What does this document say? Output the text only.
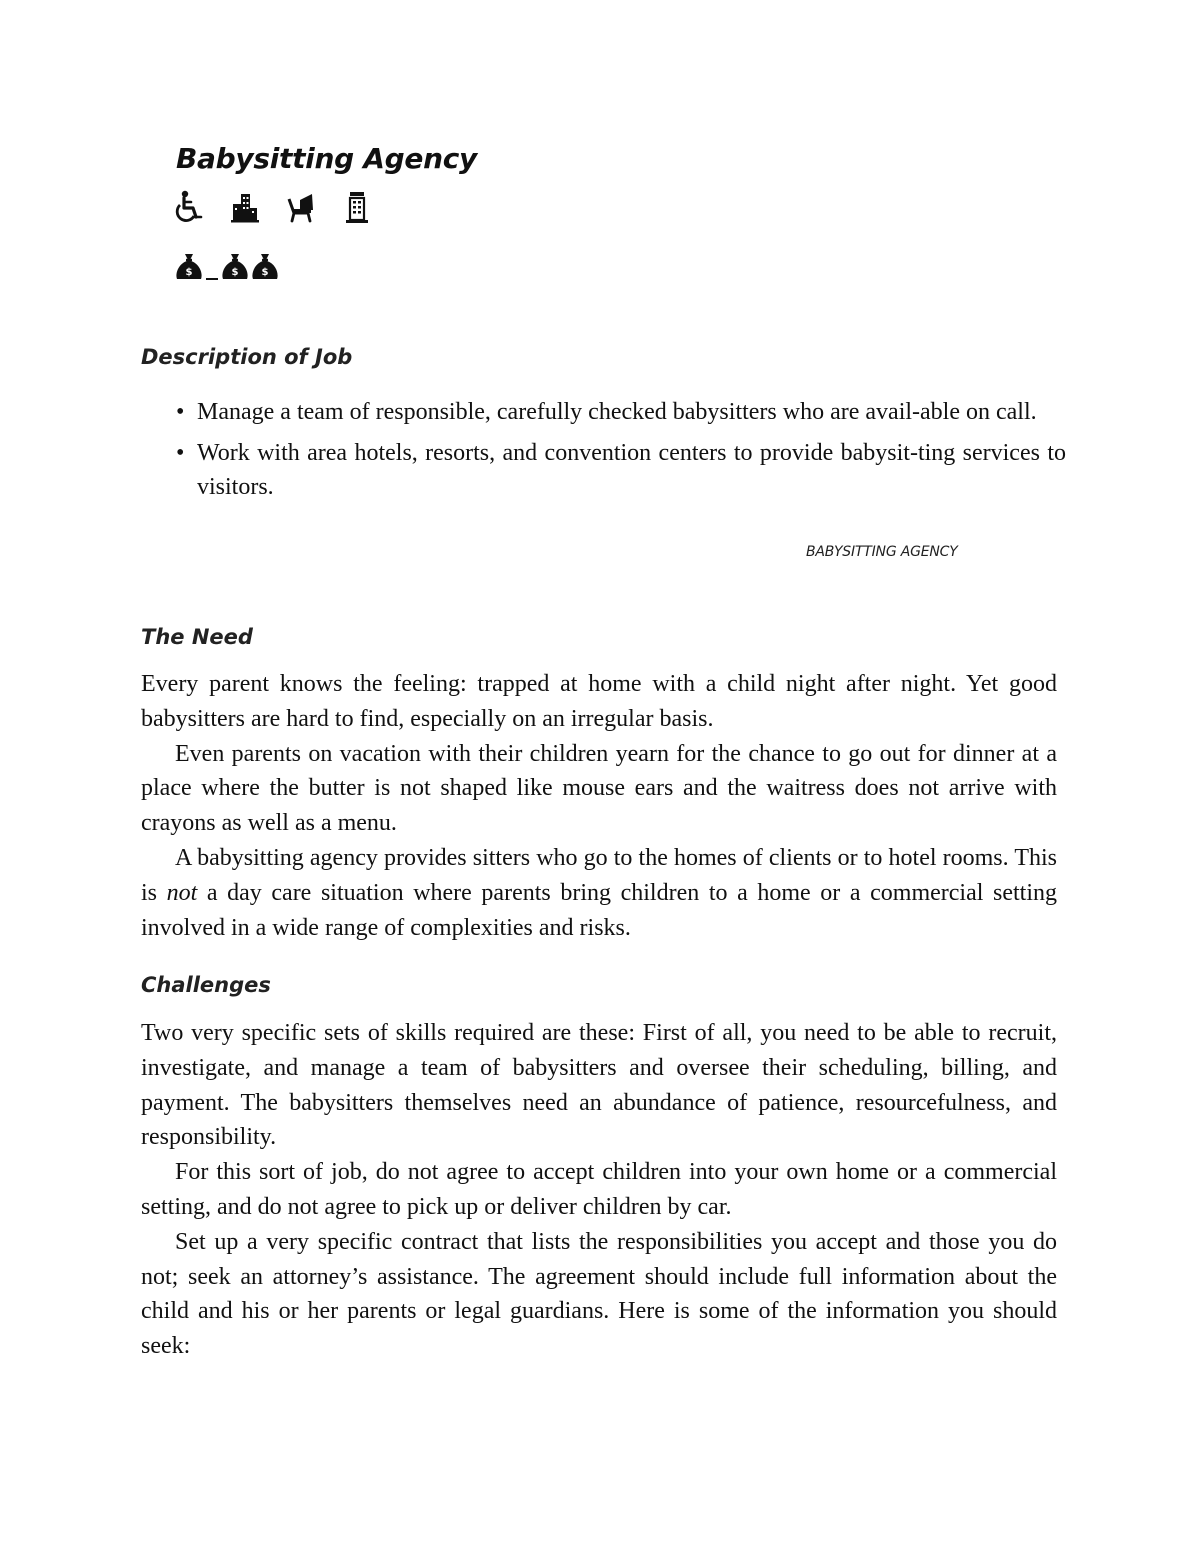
Babysitting Agency
$	$ $
Description of Job
• Manage a team of responsible, carefully checked babysitters who are avail-able on call.
• Work with area hotels, resorts, and convention centers to provide babysit-ting services to visitors.

BABYSITTING AGENCY

The Need

Every parent knows the feeling: trapped at home with a child night after night. Yet good babysitters are hard to find, especially on an irregular basis.

Even parents on vacation with their children yearn for the chance to go out for dinner at a place where the butter is not shaped like mouse ears and the waitress does not arrive with crayons as well as a menu.

A babysitting agency provides sitters who go to the homes of clients or to hotel rooms. This is not a day care situation where parents bring children to a home or a commercial setting involved in a wide range of complexities and risks.

Challenges

Two very specific sets of skills required are these: First of all, you need to be able to recruit, investigate, and manage a team of babysitters and oversee their scheduling, billing, and payment. The babysitters themselves need an abundance of patience, resourcefulness, and responsibility.

For this sort of job, do not agree to accept children into your own home or a commercial setting, and do not agree to pick up or deliver children by car.

Set up a very specific contract that lists the responsibilities you accept and those you do not; seek an attorney’s assistance. The agreement should include full information about the child and his or her parents or legal guardians. Here is some of the information you should seek:
